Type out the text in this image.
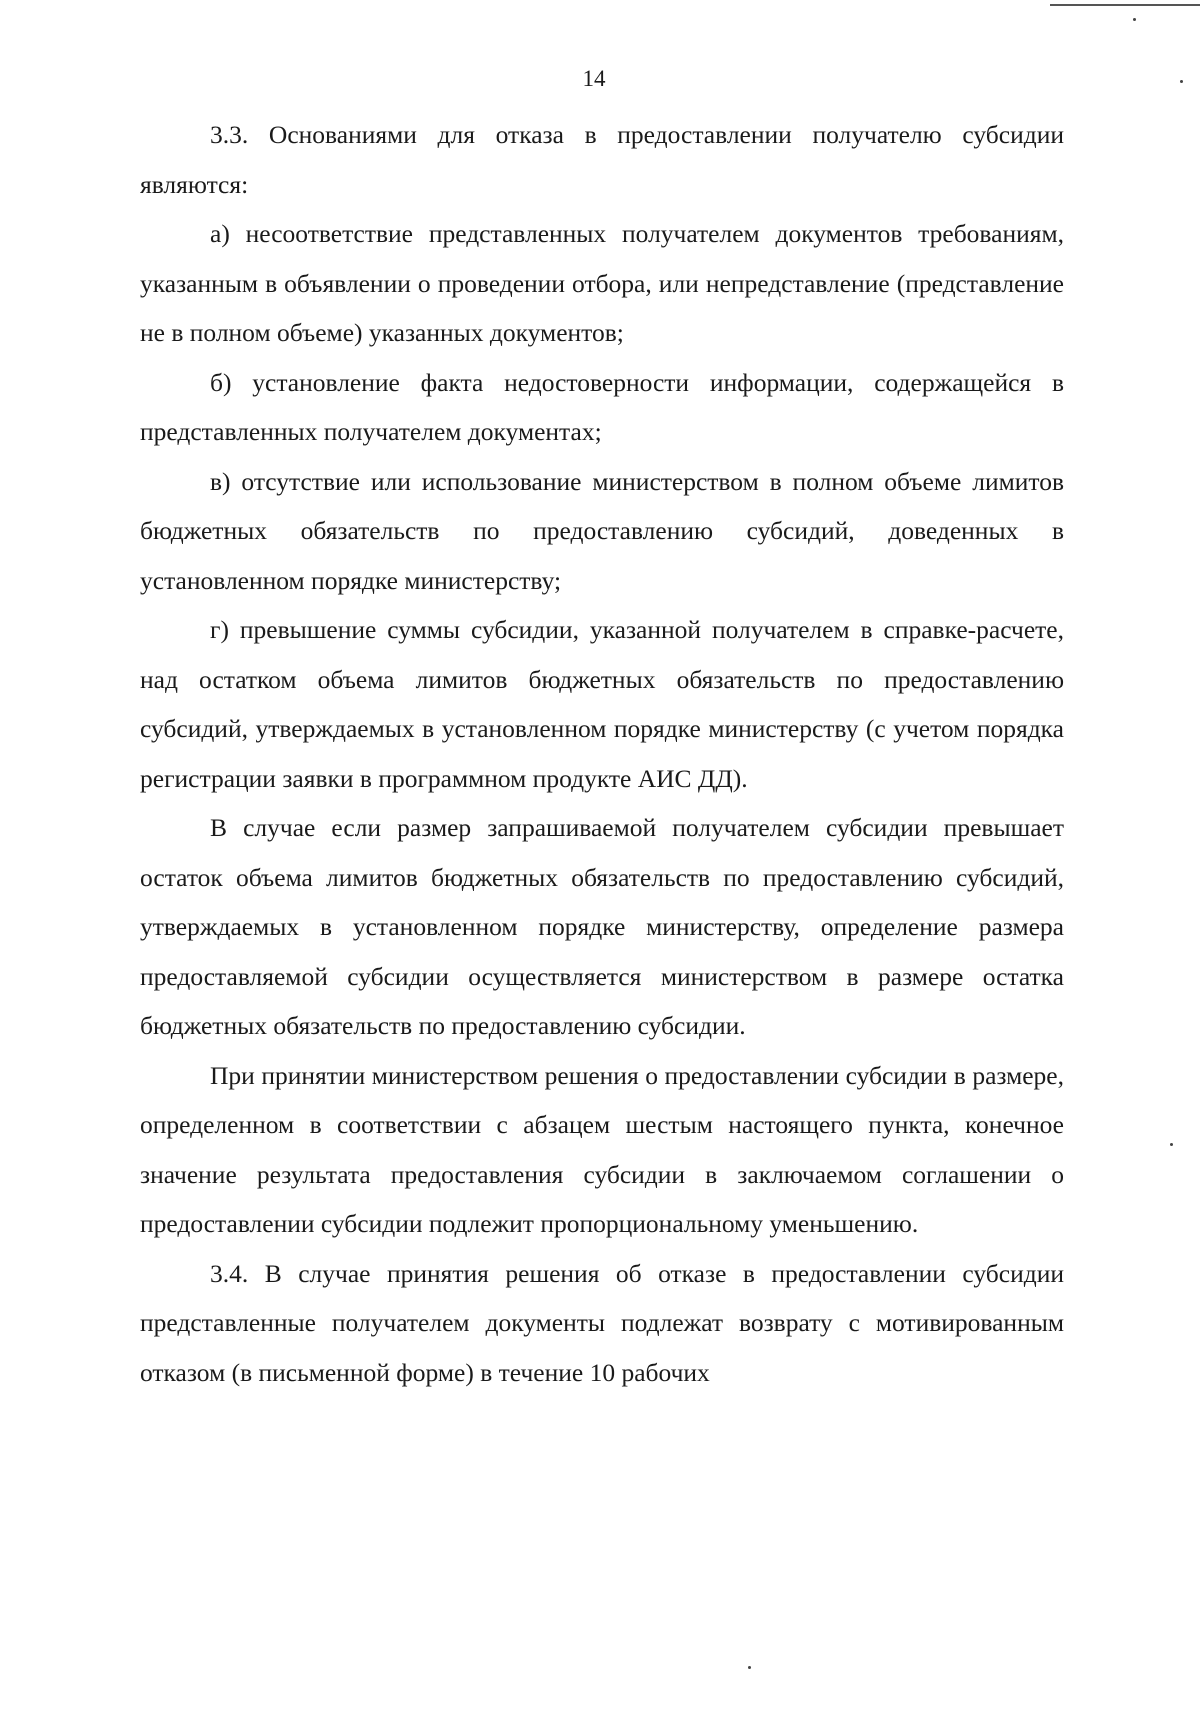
14

3.3. Основаниями для отказа в предоставлении получателю субсидии являются:

а) несоответствие представленных получателем документов требованиям, указанным в объявлении о проведении отбора, или непредставление (представление не в полном объеме) указанных документов;

б) установление факта недостоверности информации, содержащейся в представленных получателем документах;

в) отсутствие или использование министерством в полном объеме лимитов бюджетных обязательств по предоставлению субсидий, доведенных в установленном порядке министерству;

г) превышение суммы субсидии, указанной получателем в справке-расчете, над остатком объема лимитов бюджетных обязательств по предоставлению субсидий, утверждаемых в установленном порядке министерству (с учетом порядка регистрации заявки в программном продукте АИС ДД).

В случае если размер запрашиваемой получателем субсидии превышает остаток объема лимитов бюджетных обязательств по предоставлению субсидий, утверждаемых в установленном порядке министерству, определение размера предоставляемой субсидии осуществляется министерством в размере остатка бюджетных обязательств по предоставлению субсидии.

При принятии министерством решения о предоставлении субсидии в размере, определенном в соответствии с абзацем шестым настоящего пункта, конечное значение результата предоставления субсидии в заключаемом соглашении о предоставлении субсидии подлежит пропорциональному уменьшению.

3.4. В случае принятия решения об отказе в предоставлении субсидии представленные получателем документы подлежат возврату с мотивированным отказом (в письменной форме) в течение 10 рабочих
